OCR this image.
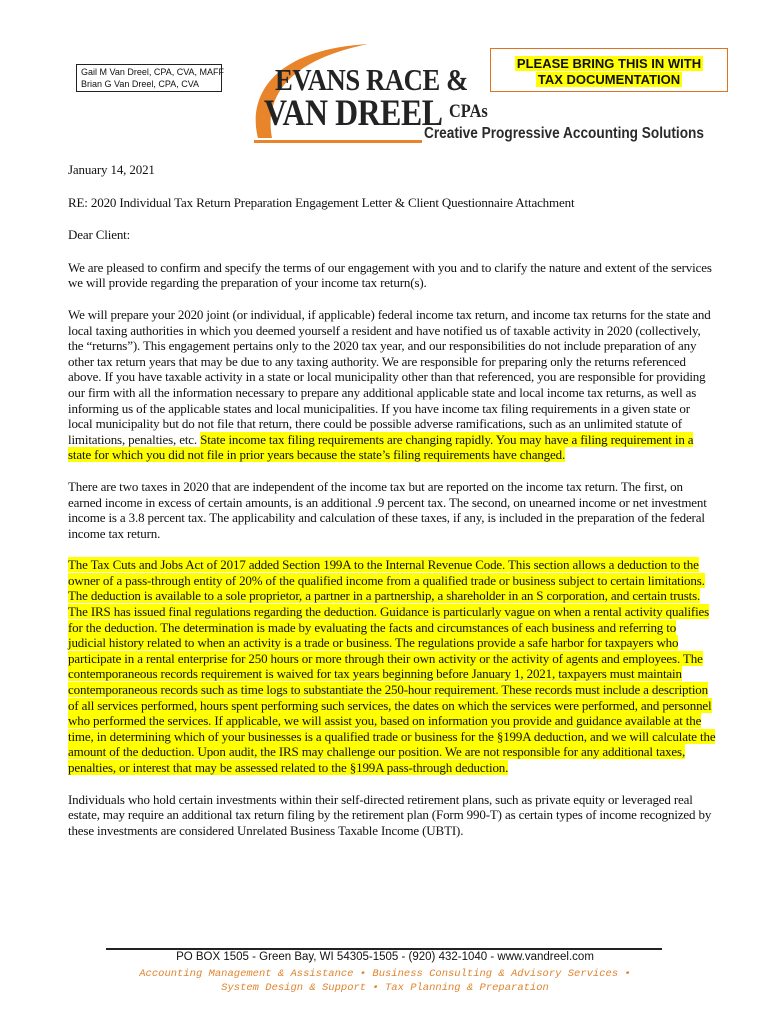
Gail M Van Dreel, CPA, CVA, MAFF
Brian G Van Dreel, CPA, CVA	EVANS RACE &
VAN DREEL CPAs
Creative Progressive Accounting Solutions
PLEASE BRING THIS IN WITH
TAX DOCUMENTATION

January 14, 2021

RE: 2020 Individual Tax Return Preparation Engagement Letter & Client Questionnaire Attachment

Dear Client:

We are pleased to confirm and specify the terms of our engagement with you and to clarify the nature and extent of the services we will provide regarding the preparation of your income tax return(s).

We will prepare your 2020 joint (or individual, if applicable) federal income tax return, and income tax returns for the state and local taxing authorities in which you deemed yourself a resident and have notified us of taxable activity in 2020 (collectively, the “returns”). This engagement pertains only to the 2020 tax year, and our responsibilities do not include preparation of any other tax return years that may be due to any taxing authority. We are responsible for preparing only the returns referenced above. If you have taxable activity in a state or local municipality other than that referenced, you are responsible for providing our firm with all the information necessary to prepare any additional applicable state and local income tax returns, as well as informing us of the applicable states and local municipalities. If you have income tax filing requirements in a given state or local municipality but do not file that return, there could be possible adverse ramifications, such as an unlimited statute of limitations, penalties, etc. State income tax filing requirements are changing rapidly. You may have a filing requirement in a state for which you did not file in prior years because the state’s filing requirements have changed.

There are two taxes in 2020 that are independent of the income tax but are reported on the income tax return. The first, on earned income in excess of certain amounts, is an additional .9 percent tax. The second, on unearned income or net investment income is a 3.8 percent tax. The applicability and calculation of these taxes, if any, is included in the preparation of the federal income tax return.

The Tax Cuts and Jobs Act of 2017 added Section 199A to the Internal Revenue Code. This section allows a deduction to the owner of a pass-through entity of 20% of the qualified income from a qualified trade or business subject to certain limitations. The deduction is available to a sole proprietor, a partner in a partnership, a shareholder in an S corporation, and certain trusts. The IRS has issued final regulations regarding the deduction. Guidance is particularly vague on when a rental activity qualifies for the deduction. The determination is made by evaluating the facts and circumstances of each business and referring to judicial history related to when an activity is a trade or business. The regulations provide a safe harbor for taxpayers who participate in a rental enterprise for 250 hours or more through their own activity or the activity of agents and employees. The contemporaneous records requirement is waived for tax years beginning before January 1, 2021, taxpayers must maintain contemporaneous records such as time logs to substantiate the 250-hour requirement. These records must include a description of all services performed, hours spent performing such services, the dates on which the services were performed, and personnel who performed the services. If applicable, we will assist you, based on information you provide and guidance available at the time, in determining which of your businesses is a qualified trade or business for the §199A deduction, and we will calculate the amount of the deduction. Upon audit, the IRS may challenge our position. We are not responsible for any additional taxes, penalties, or interest that may be assessed related to the §199A pass-through deduction.

Individuals who hold certain investments within their self-directed retirement plans, such as private equity or leveraged real estate, may require an additional tax return filing by the retirement plan (Form 990-T) as certain types of income recognized by these investments are considered Unrelated Business Taxable Income (UBTI).

PO BOX 1505 - Green Bay, WI 54305-1505 - (920) 432-1040 - www.vandreel.com
Accounting Management & Assistance • Business Consulting & Advisory Services •
System Design & Support • Tax Planning & Preparation
